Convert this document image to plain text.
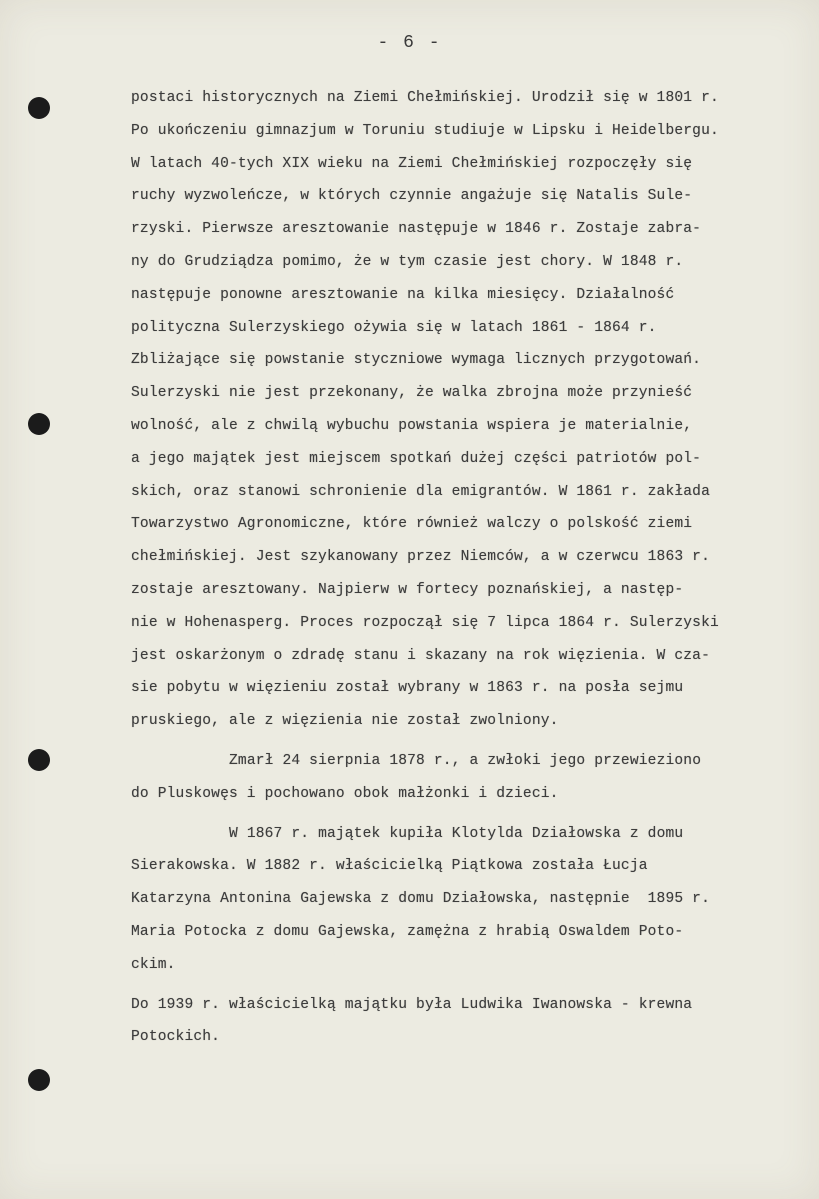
- 6 -
postaci historycznych na Ziemi Chełmińskiej. Urodził się w 1801 r.
Po ukończeniu gimnazjum w Toruniu studiuje w Lipsku i Heidelbergu.
W latach 40-tych XIX wieku na Ziemi Chełmińskiej rozpoczęły się
ruchy wyzwoleńcze, w których czynnie angażuje się Natalis Sule-
rzyski. Pierwsze aresztowanie następuje w 1846 r. Zostaje zabra-
ny do Grudziądza pomimo, że w tym czasie jest chory. W 1848 r.
następuje ponowne aresztowanie na kilka miesięcy. Działalność
polityczna Sulerzyskiego ożywia się w latach 1861 - 1864 r.
Zbliżające się powstanie styczniowe wymaga licznych przygotowań.
Sulerzyski nie jest przekonany, że walka zbrojna może przynieść
wolność, ale z chwilą wybuchu powstania wspiera je materialnie,
a jego majątek jest miejscem spotkań dużej części patriotów pol-
skich, oraz stanowi schronienie dla emigrantów. W 1861 r. zakłada
Towarzystwo Agronomiczne, które również walczy o polskość ziemi
chełmińskiej. Jest szykanowany przez Niemców, a w czerwcu 1863 r.
zostaje aresztowany. Najpierw w fortecy poznańskiej, a następ-
nie w Hohenasperg. Proces rozpoczął się 7 lipca 1864 r. Sulerzyski
jest oskarżonym o zdradę stanu i skazany na rok więzienia. W cza-
sie pobytu w więzieniu został wybrany w 1863 r. na posła sejmu
pruskiego, ale z więzienia nie został zwolniony.
Zmarł 24 sierpnia 1878 r., a zwłoki jego przewieziono
do Pluskowęs i pochowano obok małżonki i dzieci.
W 1867 r. majątek kupiła Klotylda Działowska z domu
Sierakowska. W 1882 r. właścicielką Piątkowa została Łucja
Katarzyna Antonina Gajewska z domu Działowska, następnie  1895 r.
Maria Potocka z domu Gajewska, zamężna z hrabią Oswaldem Poto-
ckim.
Do 1939 r. właścicielką majątku była Ludwika Iwanowska - krewna
Potockich.
